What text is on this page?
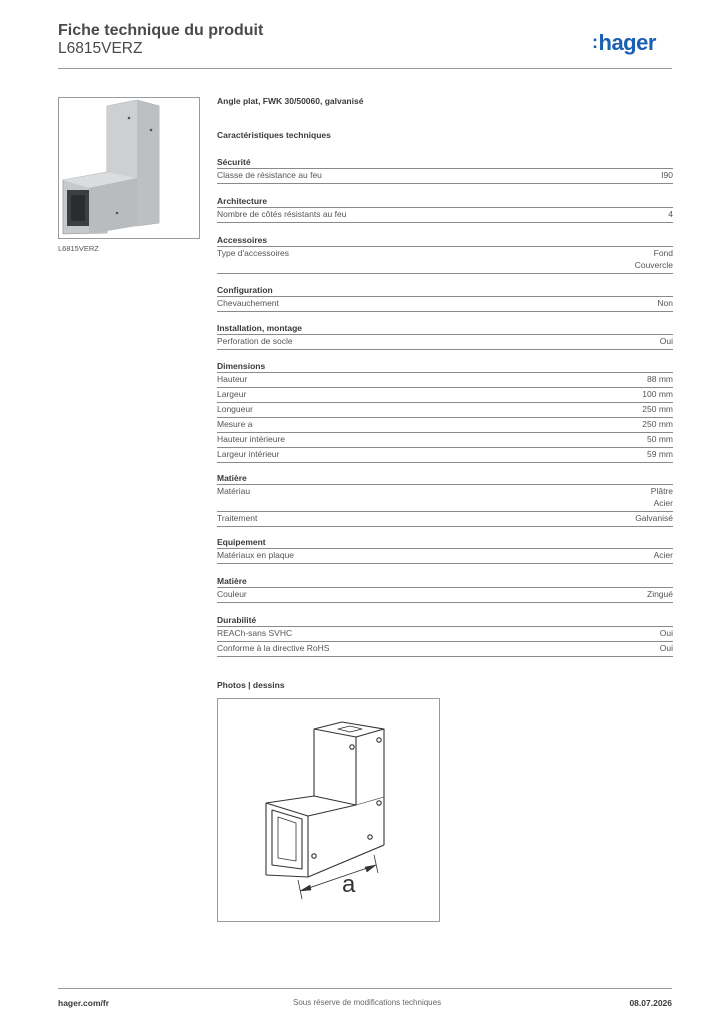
Fiche technique du produit
L6815VERZ	:hager
L6815VERZ
Angle plat, FWK 30/50060, galvanisé
Caractéristiques techniques
Sécurité
Classe de résistance au feu	I90
Architecture
Nombre de côtés résistants au feu	4
Accessoires
Type d'accessoires	Fond
Couvercle
Configuration
Chevauchement	Non
Installation, montage
Perforation de socle	Oui
Dimensions
Hauteur	88 mm
Largeur	100 mm
Longueur	250 mm
Mesure a	250 mm
Hauteur intérieure	50 mm
Largeur intérieur	59 mm
Matière
Matériau	Plâtre
Acier
Traitement	Galvanisé
Equipement
Matériaux en plaque	Acier
Matière
Couleur	Zingué
Durabilité
REACh-sans SVHC	Oui
Conforme à la directive RoHS	Oui
Photos | dessins
a
hager.com/fr	Sous réserve de modifications techniques	08.07.2026
